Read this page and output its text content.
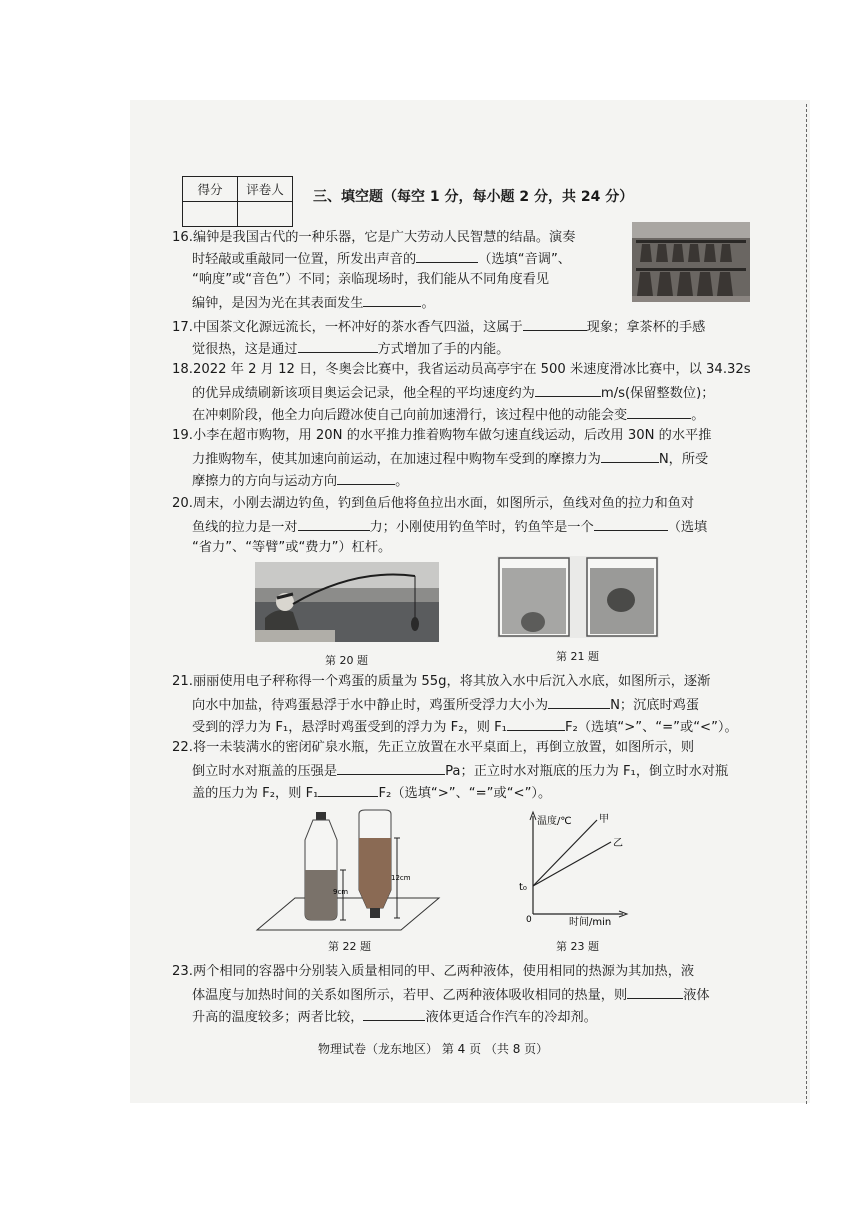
得分	评卷人
	三、填空题（每空 1 分，每小题 2 分，共 24 分）
16.编钟是我国古代的一种乐器，它是广大劳动人民智慧的结晶。演奏
时轻敲或重敲同一位置，所发出声音的	（选填“音调”、
“响度”或“音色”）不同；亲临现场时，我们能从不同角度看见
编钟，是因为光在其表面发生	。
17.中国茶文化源远流长，一杯冲好的茶水香气四溢，这属于	现象；拿茶杯的手感
觉很热，这是通过	方式增加了手的内能。
18.2022 年 2 月 12 日，冬奥会比赛中，我省运动员高亭宇在 500 米速度滑冰比赛中，以 34.32s
的优异成绩刷新该项目奥运会记录，他全程的平均速度约为	m/s(保留整数位)；
在冲刺阶段，他全力向后蹬冰使自己向前加速滑行，该过程中他的动能会变	。
19.小李在超市购物，用 20N 的水平推力推着购物车做匀速直线运动，后改用 30N 的水平推
力推购物车，使其加速向前运动，在加速过程中购物车受到的摩擦力为	N，所受
摩擦力的方向与运动方向	。
20.周末，小刚去湖边钓鱼，钓到鱼后他将鱼拉出水面，如图所示，鱼线对鱼的拉力和鱼对
鱼线的拉力是一对	力；小刚使用钓鱼竿时，钓鱼竿是一个	（选填
“省力”、“等臂”或“费力”）杠杆。
第 20 题	第 21 题
21.丽丽使用电子秤称得一个鸡蛋的质量为 55g，将其放入水中后沉入水底，如图所示，逐渐
向水中加盐，待鸡蛋悬浮于水中静止时，鸡蛋所受浮力大小为	N；沉底时鸡蛋
受到的浮力为 F₁，悬浮时鸡蛋受到的浮力为 F₂，则 F₁	F₂（选填“>”、“=”或“<”）。
22.将一未装满水的密闭矿泉水瓶，先正立放置在水平桌面上，再倒立放置，如图所示，则
倒立时水对瓶盖的压强是	Pa；正立时水对瓶底的压力为 F₁，倒立时水对瓶
盖的压力为 F₂，则 F₁	F₂（选填“>”、“=”或“<”）。
9cm
12cm
第 22 题
温度/℃	甲
乙
t₀
0	时间/min
第 23 题
23.两个相同的容器中分别装入质量相同的甲、乙两种液体，使用相同的热源为其加热，液
体温度与加热时间的关系如图所示，若甲、乙两种液体吸收相同的热量，则	液体
升高的温度较多；两者比较，	液体更适合作汽车的冷却剂。
物理试卷（龙东地区） 第 4 页 （共 8 页）
